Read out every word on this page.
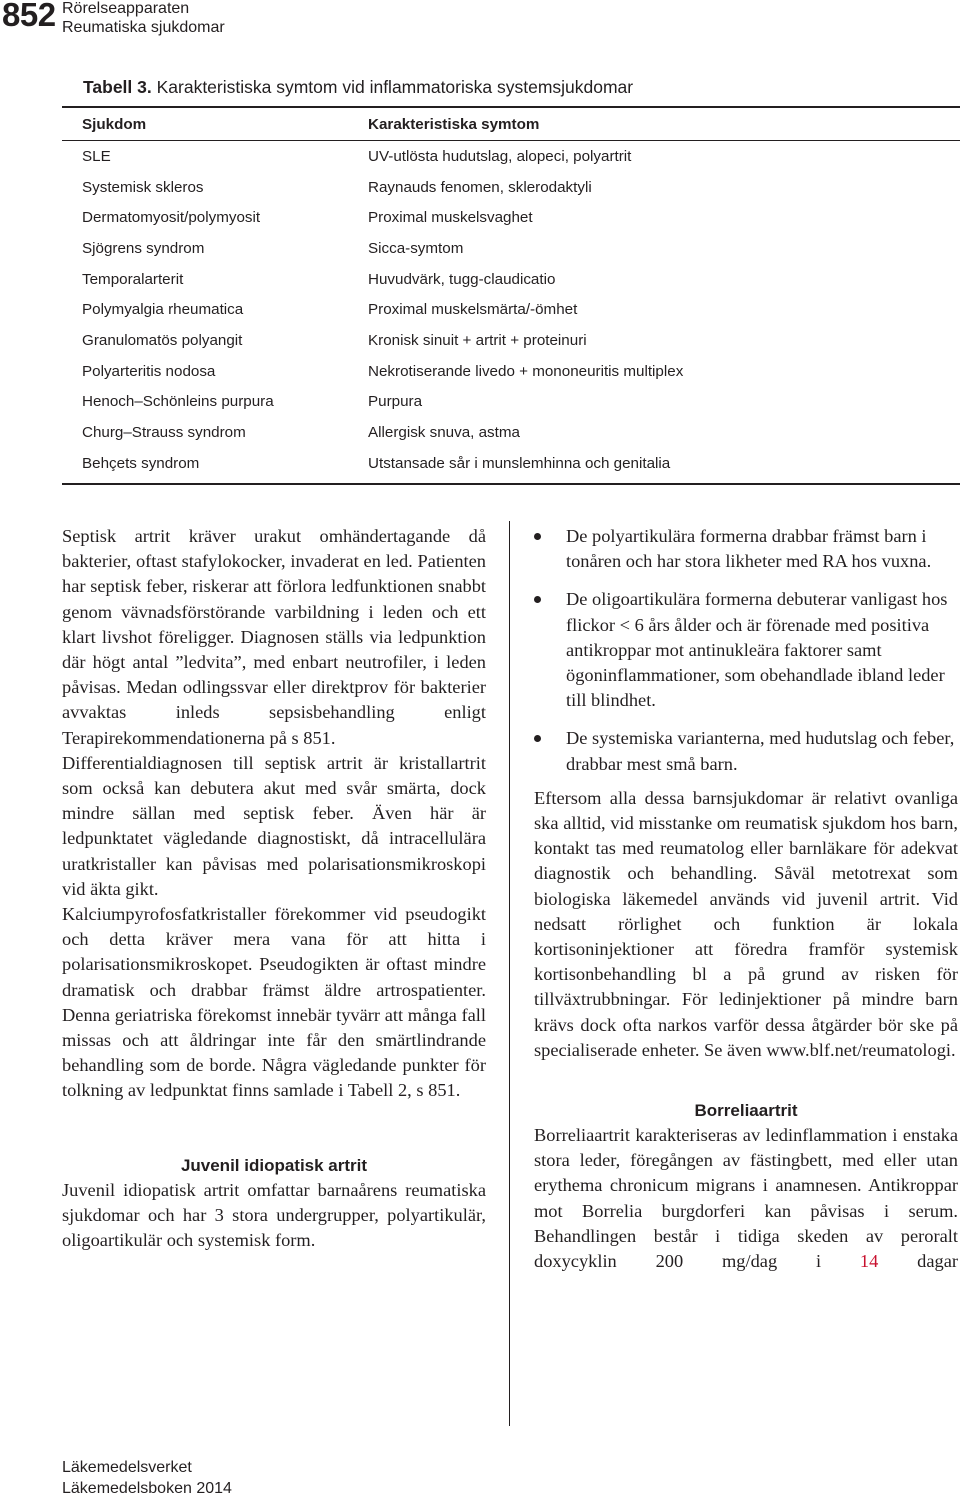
852 Rörelseapparaten
Reumatiska sjukdomar
Tabell 3. Karakteristiska symtom vid inflammatoriska systemsjukdomar
Sjukdom	Karakteristiska symtom

SLE	UV-utlösta hudutslag, alopeci, polyartrit
Systemisk skleros	Raynauds fenomen, sklerodaktyli
Dermatomyosit/polymyosit	Proximal muskelsvaghet
Sjögrens syndrom	Sicca-symtom
Temporalarterit	Huvudvärk, tugg-claudicatio
Polymyalgia rheumatica	Proximal muskelsmärta/-ömhet
Granulomatös polyangit	Kronisk sinuit + artrit + proteinuri
Polyarteritis nodosa	Nekrotiserande livedo + mononeuritis multiplex
Henoch–Schönleins purpura	Purpura
Churg–Strauss syndrom	Allergisk snuva, astma
Behçets syndrom	Utstansade sår i munslemhinna och genitalia

Septisk artrit kräver urakut omhändertagande då bakterier, oftast stafylokocker, invaderat en led. Patienten har septisk feber, riskerar att förlora ledfunktionen snabbt genom vävnadsförstörande varbildning i leden och ett klart livshot föreligger. Diagnosen ställs via ledpunktion där högt antal ”ledvita”, med enbart neutrofiler, i leden påvisas. Medan odlingssvar eller direktprov för bakterier avvaktas inleds sepsisbehandling enligt Terapirekommendationerna på s 851.

Differentialdiagnosen till septisk artrit är kristallartrit som också kan debutera akut med svår smärta, dock mindre sällan med septisk feber. Även här är ledpunktatet vägledande diagnostiskt, då intracellulära uratkristaller kan påvisas med polarisationsmikroskopi vid äkta gikt.

Kalciumpyrofosfatkristaller förekommer vid pseudogikt och detta kräver mera vana för att hitta i polarisationsmikroskopet. Pseudogikten är oftast mindre dramatisk och drabbar främst äldre artrospatienter. Denna geriatriska förekomst innebär tyvärr att många fall missas och att åldringar inte får den smärtlindrande behandling som de borde. Några vägledande punkter för tolkning av ledpunktat finns samlade i Tabell 2, s 851.

Juvenil idiopatisk artrit

Juvenil idiopatisk artrit omfattar barnaårens reumatiska sjukdomar och har 3 stora undergrupper, polyartikulär, oligoartikulär och systemisk form.

De polyartikulära formerna drabbar främst barn i tonåren och har stora likheter med RA hos vuxna.
De oligoartikulära formerna debuterar vanligast hos flickor < 6 års ålder och är förenade med positiva antikroppar mot antinukleära faktorer samt ögoninflammationer, som obehandlade ibland leder till blindhet.
De systemiska varianterna, med hudutslag och feber, drabbar mest små barn.

Eftersom alla dessa barnsjukdomar är relativt ovanliga ska alltid, vid misstanke om reumatisk sjukdom hos barn, kontakt tas med reumatolog eller barnläkare för adekvat diagnostik och behandling. Såväl metotrexat som biologiska läkemedel används vid juvenil artrit. Vid nedsatt rörlighet och funktion är lokala kortisoninjektioner att föredra framför systemisk kortisonbehandling bl a på grund av risken för tillväxtrubbningar. För ledinjektioner på mindre barn krävs dock ofta narkos varför dessa åtgärder bör ske på specialiserade enheter. Se även www.blf.net/reumatologi.

Borreliaartrit

Borreliaartrit karakteriseras av ledinflammation i enstaka stora leder, föregången av fästingbett, med eller utan erythema chronicum migrans i anamnesen. Antikroppar mot Borrelia burgdorferi kan påvisas i serum. Behandlingen består i tidiga skeden av peroralt doxycyklin 200 mg/dag i 14 dagar

Läkemedelsverket
Läkemedelsboken 2014
